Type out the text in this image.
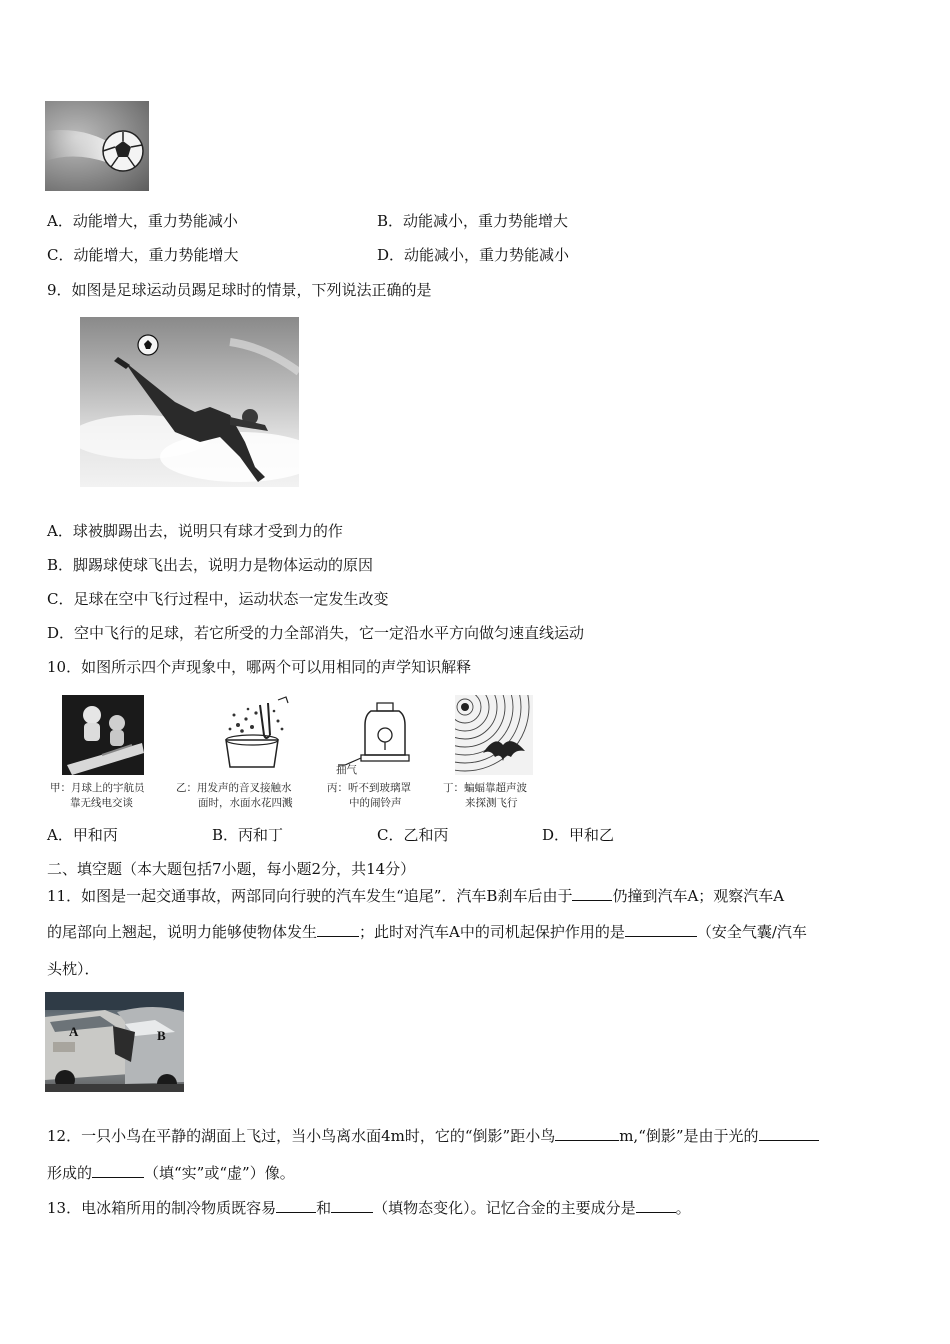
A．动能增大，重力势能减小	B．动能减小，重力势能增大
C．动能增大，重力势能增大	D．动能减小，重力势能减小
9．如图是足球运动员踢足球时的情景，下列说法正确的是
A．球被脚踢出去，说明只有球才受到力的作
B．脚踢球使球飞出去，说明力是物体运动的原因
C．足球在空中飞行过程中，运动状态一定发生改变
D．空中飞行的足球，若它所受的力全部消失，它一定沿水平方向做匀速直线运动
10．如图所示四个声现象中，哪两个可以用相同的声学知识解释
甲：月球上的宇航员
靠无线电交谈
乙：用发声的音叉接触水
面时，水面水花四溅
抽气
丙：听不到玻璃罩
中的闹铃声
丁：蝙蝠靠超声波
来探测飞行
A．甲和丙	B．丙和丁	C．乙和丙	D．甲和乙
二、填空题（本大题包括7小题，每小题2分，共14分）
11．如图是一起交通事故，两部同向行驶的汽车发生“追尾”．汽车B刹车后由于	仍撞到汽车A；观察汽车A
的尾部向上翘起，说明力能够使物体发生	；此时对汽车A中的司机起保护作用的是	（安全气囊/汽车
头枕）．
A	B
12．一只小鸟在平静的湖面上飞过，当小鸟离水面4m时，它的“倒影”距小鸟	m,“倒影”是由于光的
形成的	（填“实”或“虚”）像。
13．电冰箱所用的制冷物质既容易	和	（填物态变化）。记忆合金的主要成分是	。
